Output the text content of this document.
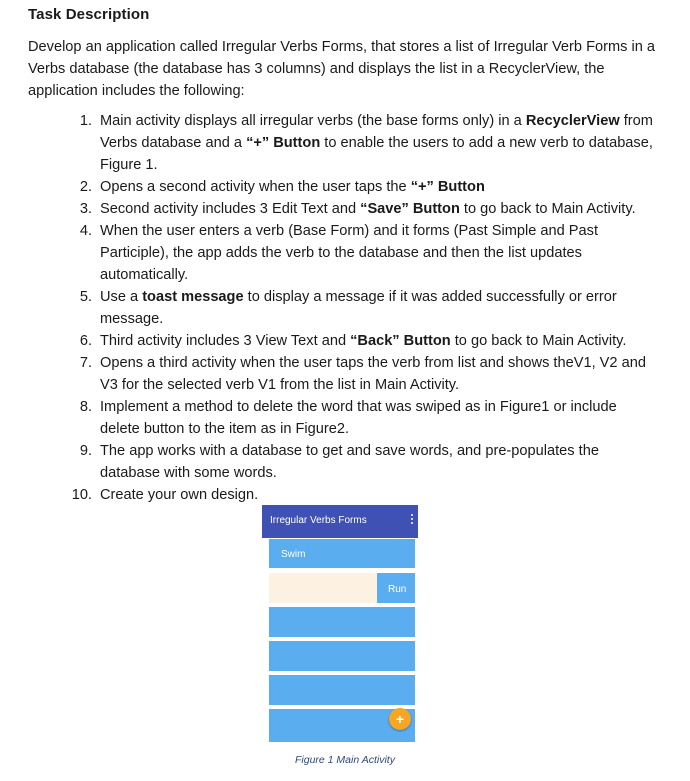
Task Description
Develop an application called Irregular Verbs Forms, that stores a list of Irregular Verb Forms in a Verbs database (the database has 3 columns) and displays the list in a RecyclerView, the application includes the following:
1. Main activity displays all irregular verbs (the base forms only) in a RecyclerView from Verbs database and a “+” Button to enable the users to add a new verb to database, Figure 1.
2. Opens a second activity when the user taps the “+” Button
3. Second activity includes 3 Edit Text and “Save” Button to go back to Main Activity.
4. When the user enters a verb (Base Form) and it forms (Past Simple and Past Participle), the app adds the verb to the database and then the list updates automatically.
5. Use a toast message to display a message if it was added successfully or error message.
6. Third activity includes 3 View Text and “Back” Button to go back to Main Activity.
7. Opens a third activity when the user taps the verb from list and shows theV1, V2 and V3 for the selected verb V1 from the list in Main Activity.
8. Implement a method to delete the word that was swiped as in Figure1 or include delete button to the item as in Figure2.
9. The app works with a database to get and save words, and pre-populates the database with some words.
10. Create your own design.
Irregular Verbs Forms
Swim
Run
+
Figure 1 Main Activity
